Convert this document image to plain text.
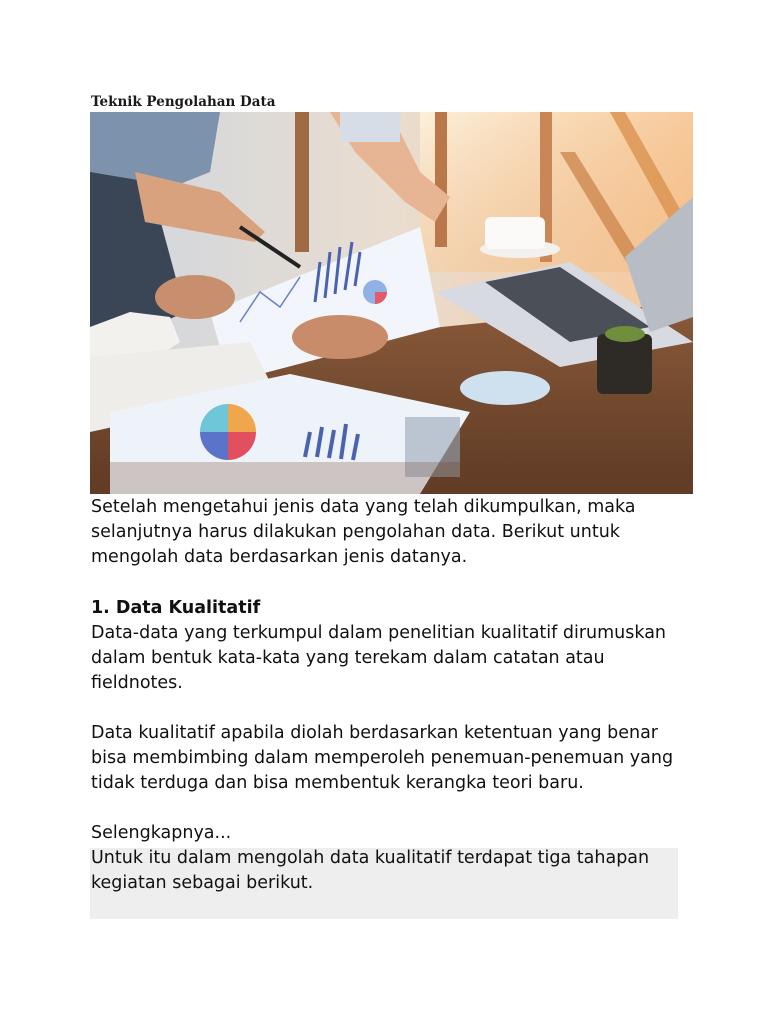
Teknik Pengolahan Data

Setelah mengetahui jenis data yang telah dikumpulkan, maka selanjutnya harus dilakukan pengolahan data. Berikut untuk mengolah data berdasarkan jenis datanya.

1. Data Kualitatif

Data-data yang terkumpul dalam penelitian kualitatif dirumuskan dalam bentuk kata-kata yang terekam dalam catatan atau fieldnotes.

Data kualitatif apabila diolah berdasarkan ketentuan yang benar bisa membimbing dalam memperoleh penemuan-penemuan yang tidak terduga dan bisa membentuk kerangka teori baru.

Selengkapnya...

Untuk itu dalam mengolah data kualitatif terdapat tiga tahapan kegiatan sebagai berikut.
